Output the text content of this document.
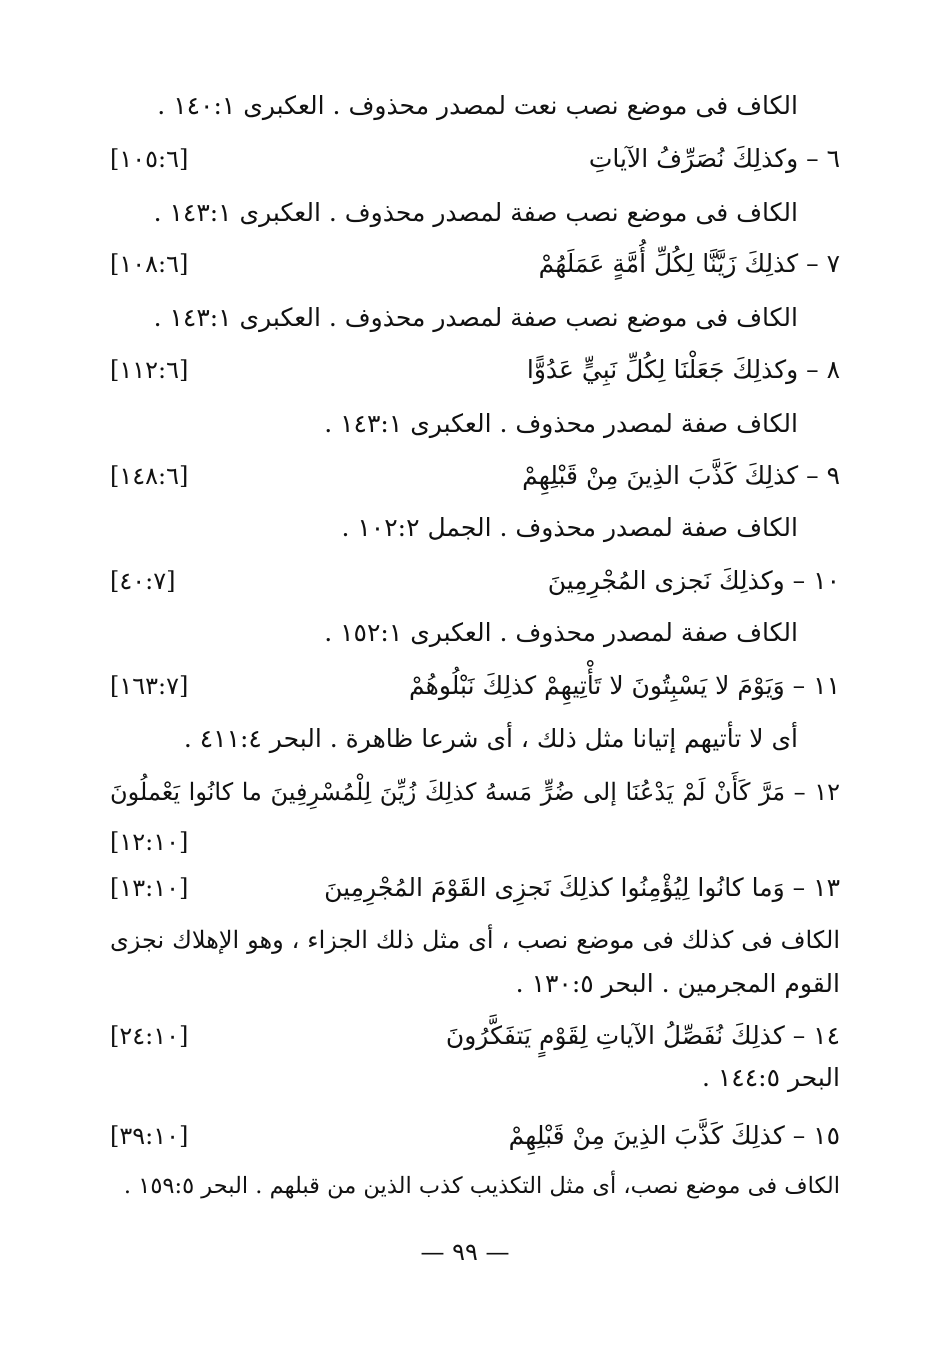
الكاف فى موضع نصب نعت لمصدر محذوف . العكبرى ١٤٠:١ .
٦ – وكذلِكَ نُصَرِّفُ الآياتِ
[١٠٥:٦]
الكاف فى موضع نصب صفة لمصدر محذوف . العكبرى ١٤٣:١ .
٧ – كذلِكَ زَيَّنَّا لِكُلِّ أُمَّةٍ عَمَلَهُمْ
[١٠٨:٦]
الكاف فى موضع نصب صفة لمصدر محذوف . العكبرى ١٤٣:١ .
٨ – وكذلِكَ جَعَلْنَا لِكُلِّ نَبِيٍّ عَدُوًّا
[١١٢:٦]
الكاف صفة لمصدر محذوف . العكبرى ١٤٣:١ .
٩ – كذلِكَ كَذَّبَ الذِينَ مِنْ قَبْلِهِمْ
[١٤٨:٦]
الكاف صفة لمصدر محذوف . الجمل ١٠٢:٢ .
١٠ – وكذلِكَ نَجزى المُجْرِمِينَ
[٤٠:٧]
الكاف صفة لمصدر محذوف . العكبرى ١٥٢:١ .
١١ – وَيَوْمَ لا يَسْبِتُونَ لا تَأْتِيهِمْ كذلِكَ نَبْلُوهُمْ
[١٦٣:٧]
أى لا تأتيهم إتيانا مثل ذلك ، أى شرعا ظاهرة . البحر ٤١١:٤ .
١٢ – مَرَّ كَأَنْ لَمْ يَدْعُنَا إلى ضُرٍّ مَسهُ كذلِكَ زُيِّنَ لِلْمُسْرِفِينَ ما كانُوا يَعْملُونَ
[١٢:١٠]
١٣ – وَما كانُوا لِيُؤْمِنُوا كذلِكَ نَجزِى القَوْمَ المُجْرِمِينَ
[١٣:١٠]
الكاف فى كذلك فى موضع نصب ، أى مثل ذلك الجزاء ، وهو الإهلاك نجزى
القوم المجرمين . البحر ١٣٠:٥ .
١٤ – كذلِكَ نُفَصِّلُ الآياتِ لِقَوْمٍ يَتفَكَّرُونَ
[٢٤:١٠]
البحر ١٤٤:٥ .
١٥ – كذلِكَ كَذَّبَ الذِينَ مِنْ قَبْلِهِمْ
[٣٩:١٠]
الكاف فى موضع نصب، أى مثل التكذيب كذب الذين من قبلهم . البحر ١٥٩:٥ .
— ٩٩ —
